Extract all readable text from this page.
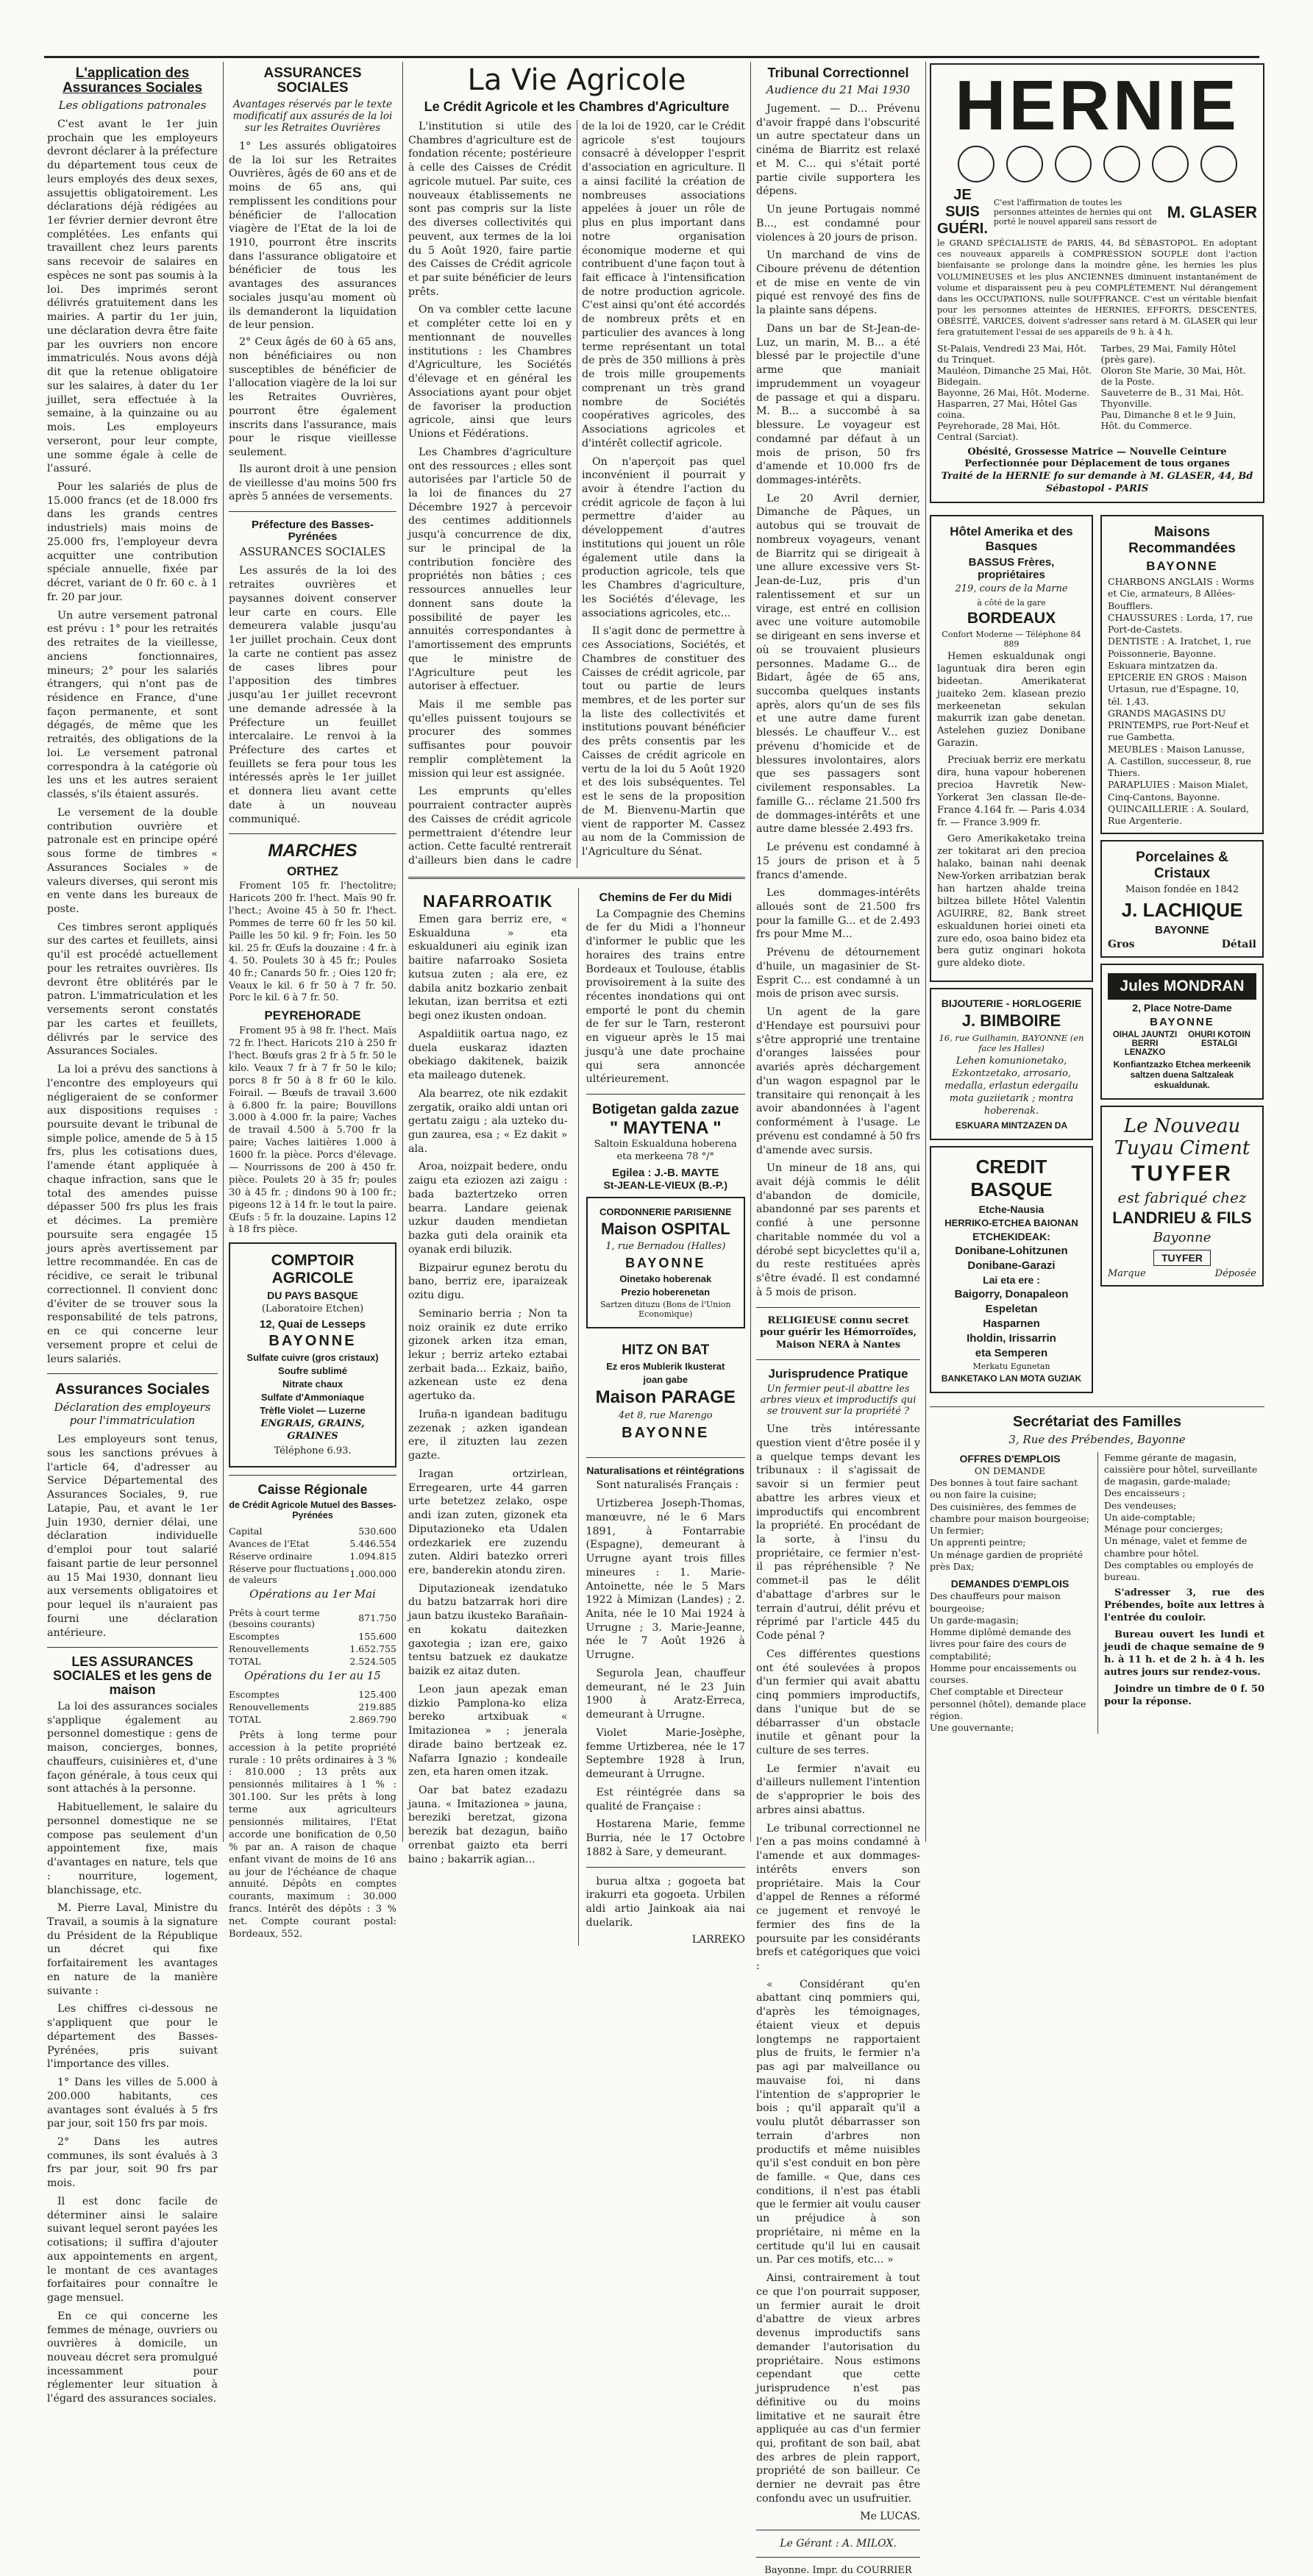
L'application des Assurances Sociales
Les obligations patronales

C'est avant le 1er juin prochain que les employeurs devront déclarer à la préfecture du département tous ceux de leurs employés des deux sexes, assujettis obligatoirement. Les déclarations déjà rédigées au 1er février dernier devront être complétées. Les enfants qui travaillent chez leurs parents sans recevoir de salaires en espèces ne sont pas soumis à la loi. Des imprimés seront délivrés gratuitement dans les mairies. A partir du 1er juin, une déclaration devra être faite par les ouvriers non encore immatriculés. Nous avons déjà dit que la retenue obligatoire sur les salaires, à dater du 1er juillet, sera effectuée à la semaine, à la quinzaine ou au mois. Les employeurs verseront, pour leur compte, une somme égale à celle de l'assuré.

Pour les salariés de plus de 15.000 francs (et de 18.000 frs dans les grands centres industriels) mais moins de 25.000 frs, l'employeur devra acquitter une contribution spéciale annuelle, fixée par décret, variant de 0 fr. 60 c. à 1 fr. 20 par jour.

Un autre versement patronal est prévu : 1° pour les retraités des retraites de la vieillesse, anciens fonctionnaires, mineurs; 2° pour les salariés étrangers, qui n'ont pas de résidence en France, d'une façon permanente, et sont dégagés, de même que les retraités, des obligations de la loi. Le versement patronal correspondra à la catégorie où les uns et les autres seraient classés, s'ils étaient assurés.

Le versement de la double contribution ouvrière et patronale est en principe opéré sous forme de timbres « Assurances Sociales » de valeurs diverses, qui seront mis en vente dans les bureaux de poste.

Ces timbres seront appliqués sur des cartes et feuillets, ainsi qu'il est procédé actuellement pour les retraites ouvrières. Ils devront être oblitérés par le patron. L'immatriculation et les versements seront constatés par les cartes et feuillets, délivrés par le service des Assurances Sociales.

La loi a prévu des sanctions à l'encontre des employeurs qui négligeraient de se conformer aux dispositions requises : poursuite devant le tribunal de simple police, amende de 5 à 15 frs, plus les cotisations dues, l'amende étant appliquée à chaque infraction, sans que le total des amendes puisse dépasser 500 frs plus les frais et décimes. La première poursuite sera engagée 15 jours après avertissement par lettre recommandée. En cas de récidive, ce serait le tribunal correctionnel. Il convient donc d'éviter de se trouver sous la responsabilité de tels patrons, en ce qui concerne leur versement propre et celui de leurs salariés.

Assurances Sociales
Déclaration des employeurs pour l'immatriculation

Les employeurs sont tenus, sous les sanctions prévues à l'article 64, d'adresser au Service Départemental des Assurances Sociales, 9, rue Latapie, Pau, et avant le 1er Juin 1930, dernier délai, une déclaration individuelle d'emploi pour tout salarié faisant partie de leur personnel au 15 Mai 1930, donnant lieu aux versements obligatoires et pour lequel ils n'auraient pas fourni une déclaration antérieure.

LES ASSURANCES SOCIALES et les gens de maison

La loi des assurances sociales s'applique également au personnel domestique : gens de maison, concierges, bonnes, chauffeurs, cuisinières et, d'une façon générale, à tous ceux qui sont attachés à la personne.

Habituellement, le salaire du personnel domestique ne se compose pas seulement d'un appointement fixe, mais d'avantages en nature, tels que : nourriture, logement, blanchissage, etc.

M. Pierre Laval, Ministre du Travail, a soumis à la signature du Président de la République un décret qui fixe forfaitairement les avantages en nature de la manière suivante :

Les chiffres ci-dessous ne s'appliquent que pour le département des Basses-Pyrénées, pris suivant l'importance des villes.

1° Dans les villes de 5.000 à 200.000 habitants, ces avantages sont évalués à 5 frs par jour, soit 150 frs par mois.

2° Dans les autres communes, ils sont évalués à 3 frs par jour, soit 90 frs par mois.

Il est donc facile de déterminer ainsi le salaire suivant lequel seront payées les cotisations; il suffira d'ajouter aux appointements en argent, le montant de ces avantages forfaitaires pour connaître le gage mensuel.

En ce qui concerne les femmes de ménage, ouvriers ou ouvrières à domicile, un nouveau décret sera promulgué incessamment pour réglementer leur situation à l'égard des assurances sociales.

ASSURANCES SOCIALES
Avantages réservés par le texte modificatif aux assurés de la loi sur les Retraites Ouvrières

1° Les assurés obligatoires de la loi sur les Retraites Ouvrières, âgés de 60 ans et de moins de 65 ans, qui remplissent les conditions pour bénéficier de l'allocation viagère de l'Etat de la loi de 1910, pourront être inscrits dans l'assurance obligatoire et bénéficier de tous les avantages des assurances sociales jusqu'au moment où ils demanderont la liquidation de leur pension.

2° Ceux âgés de 60 à 65 ans, non bénéficiaires ou non susceptibles de bénéficier de l'allocation viagère de la loi sur les Retraites Ouvrières, pourront être également inscrits dans l'assurance, mais pour le risque vieillesse seulement.

Ils auront droit à une pension de vieillesse d'au moins 500 frs après 5 années de versements.

Préfecture des Basses-Pyrénées
ASSURANCES SOCIALES

Les assurés de la loi des retraites ouvrières et paysannes doivent conserver leur carte en cours. Elle demeurera valable jusqu'au 1er juillet prochain. Ceux dont la carte ne contient pas assez de cases libres pour l'apposition des timbres jusqu'au 1er juillet recevront une demande adressée à la Préfecture un feuillet intercalaire. Le renvoi à la Préfecture des cartes et feuillets se fera pour tous les intéressés après le 1er juillet et donnera lieu avant cette date à un nouveau communiqué.

MARCHES
ORTHEZ

Froment 105 fr. l'hectolitre; Haricots 200 fr. l'hect. Maïs 90 fr. l'hect.; Avoine 45 à 50 fr. l'hect. Pommes de terre 60 fr les 50 kil. Paille les 50 kil. 9 fr; Foin. les 50 kil. 25 fr. Œufs la douzaine : 4 fr. à 4. 50. Poulets 30 à 45 fr.; Poules 40 fr.; Canards 50 fr. ; Oies 120 fr; Veaux le kil. 6 fr 50 à 7 fr. 50. Porc le kil. 6 à 7 fr. 50.

PEYREHORADE

Froment 95 à 98 fr. l'hect. Maïs 72 fr. l'hect. Haricots 210 à 250 fr l'hect. Bœufs gras 2 fr à 5 fr. 50 le kilo. Veaux 7 fr à 7 fr 50 le kilo; porcs 8 fr 50 à 8 fr 60 le kilo. Foirail. — Bœufs de travail 3.600 à 6.800 fr. la paire; Bouvillons 3.000 à 4.000 fr. la paire; Vaches de travail 4.500 à 5.700 fr la paire; Vaches laitières 1.000 à 1600 fr. la pièce. Porcs d'élevage. — Nourrissons de 200 à 450 fr. pièce. Poulets 20 à 35 fr; poules 30 à 45 fr. ; dindons 90 à 100 fr.; pigeons 12 à 14 fr. le tout la paire. Œufs : 5 fr. la douzaine. Lapins 12 à 18 frs pièce.

COMPTOIR AGRICOLE
DU PAYS BASQUE
(Laboratoire Etchen)
12, Quai de Lesseps
BAYONNE
Sulfate cuivre (gros cristaux)
Soufre sublimé
Nitrate chaux
Sulfate d'Ammoniaque
Trèfle Violet — Luzerne
ENGRAIS, GRAINS, GRAINES
Téléphone 6.93.
Caisse Régionale
de Crédit Agricole Mutuel des Basses-Pyrénées
Capital	530.600
Avances de l'Etat	5.446.554
Réserve ordinaire	1.094.815
Réserve pour fluctuations de valeurs	1.000.000
Opérations au 1er Mai
Prêts à court terme (besoins courants)	871.750
Escomptes	155.600
Renouvellements	1.652.755
TOTAL	2.524.505
Opérations du 1er au 15
Escomptes	125.400
Renouvellements	219.885
TOTAL	2.869.790

Prêts à long terme pour accession à la petite propriété rurale : 10 prêts ordinaires à 3 % : 810.000 ; 13 prêts aux pensionnés militaires à 1 % : 301.100. Sur les prêts à long terme aux agriculteurs pensionnés militaires, l'Etat accorde une bonification de 0,50 % par an. A raison de chaque enfant vivant de moins de 16 ans au jour de l'échéance de chaque annuité. Dépôts en comptes courants, maximum : 30.000 francs. Intérêt des dépôts : 3 % net. Compte courant postal: Bordeaux, 552.

La Vie Agricole
Le Crédit Agricole et les Chambres d'Agriculture

L'institution si utile des Chambres d'agriculture est de fondation récente; postérieure à celle des Caisses de Crédit agricole mutuel. Par suite, ces nouveaux établissements ne sont pas compris sur la liste des diverses collectivités qui peuvent, aux termes de la loi du 5 Août 1920, faire partie des Caisses de Crédit agricole et par suite bénéficier de leurs prêts.

On va combler cette lacune et compléter cette loi en y mentionnant de nouvelles institutions : les Chambres d'Agriculture, les Sociétés d'élevage et en général les Associations ayant pour objet de favoriser la production agricole, ainsi que leurs Unions et Fédérations.

Les Chambres d'agriculture ont des ressources ; elles sont autorisées par l'article 50 de la loi de finances du 27 Décembre 1927 à percevoir des centimes additionnels jusqu'à concurrence de dix, sur le principal de la contribution foncière des propriétés non bâties ; ces ressources annuelles leur donnent sans doute la possibilité de payer les annuités correspondantes à l'amortissement des emprunts que le ministre de l'Agriculture peut les autoriser à effectuer.

Mais il me semble pas qu'elles puissent toujours se procurer des sommes suffisantes pour pouvoir remplir complètement la mission qui leur est assignée.

Les emprunts qu'elles pourraient contracter auprès des Caisses de crédit agricole permettraient d'étendre leur action. Cette faculté rentrerait d'ailleurs bien dans le cadre de la loi de 1920, car le Crédit agricole s'est toujours consacré à développer l'esprit d'association en agriculture. Il a ainsi facilité la création de nombreuses associations appelées à jouer un rôle de plus en plus important dans notre organisation économique moderne et qui contribuent d'une façon tout à fait efficace à l'intensification de notre production agricole. C'est ainsi qu'ont été accordés de nombreux prêts et en particulier des avances à long terme représentant un total de près de 350 millions à près de trois mille groupements comprenant un très grand nombre de Sociétés coopératives agricoles, des Associations agricoles et d'intérêt collectif agricole.

On n'aperçoit pas quel inconvénient il pourrait y avoir à étendre l'action du crédit agricole de façon à lui permettre d'aider au développement d'autres institutions qui jouent un rôle également utile dans la production agricole, tels que les Chambres d'agriculture, les Sociétés d'élevage, les associations agricoles, etc...

Il s'agit donc de permettre à ces Associations, Sociétés, et Chambres de constituer des Caisses de crédit agricole, par tout ou partie de leurs membres, et de les porter sur la liste des collectivités et institutions pouvant bénéficier des prêts consentis par les Caisses de crédit agricole en vertu de la loi du 5 Août 1920 et des lois subséquentes. Tel est le sens de la proposition de M. Bienvenu-Martin que vient de rapporter M. Cassez au nom de la Commission de l'Agriculture du Sénat.

NAFARROATIK

Emen gara berriz ere, « Eskualduna » eta eskualduneri aiu eginik izan baitire nafarroako Sosieta kutsua zuten ; ala ere, ez dabila anitz bozkario zenbait lekutan, izan berritsa et ezti begi onez ikusten ondoan.

Aspaldiitik oartua nago, ez duela euskaraz idazten obekiago dakitenek, baizik eta maileago dutenek.

Ala bearrez, ote nik ezdakit zergatik, oraiko aldi untan ori gertatu zaigu ; ala uzteko du-gun zaurea, esa ; « Ez dakit » ala.

Aroa, noizpait bedere, ondu zaigu eta eziozen azi zaigu : bada baztertzeko orren bearra. Landare geienak uzkur dauden mendietan bazka guti dela orainik eta oyanak erdi biluzik.

Bizpairur egunez berotu du bano, berriz ere, iparaizeak ozitu digu.

Seminario berria ; Non ta noiz orainik ez dute erriko gizonek arken itza eman, lekur ; berriz arteko eztabai zerbait bada... Ezkaiz, baiño, azkenean uste ez dena agertuko da.

Iruña-n igandean baditugu zezenak ; azken igandean ere, il zituzten lau zezen gazte.

Iragan ortzirlean, Erregearen, urte 44 garren urte betetzez zelako, ospe andi izan zuten, gizonek eta Diputazioneko eta Udalen ordezkariek ere zuzendu zuten. Aldiri batezko orreri ere, banderekin atondu ziren.

Diputazioneak izendatuko du batzu batzarrak hori dire jaun batzu ikusteko Barañain-en kokatu daitezken gaxotegia ; izan ere, gaixo tentsu batzuek ez daukatze baizik ez aitaz duten.

Leon jaun apezak eman dizkio Pamplona-ko eliza bereko artxibuak « Imitazionea » ; jenerala dirade baino bertzeak ez. Nafarra Ignazio ; kondeaile zen, eta haren omen itzak.

Oar bat batez ezadazu jauna. « Imitazionea » jauna, bereziki beretzat, gizona berezik bat dezagun, baiño orrenbat gaizto eta berri baino ; bakarrik agian...

Chemins de Fer du Midi

La Compagnie des Chemins de fer du Midi a l'honneur d'informer le public que les horaires des trains entre Bordeaux et Toulouse, établis provisoirement à la suite des récentes inondations qui ont emporté le pont du chemin de fer sur le Tarn, resteront en vigueur après le 15 mai jusqu'à une date prochaine qui sera annoncée ultérieurement.

Botigetan galda zazue
" MAYTENA "
Saltoin Eskualduna hoberena eta merkeena 78 °/°
Egilea : J.-B. MAYTE
St-JEAN-LE-VIEUX (B.-P.)
CORDONNERIE PARISIENNE
Maison OSPITAL
1, rue Bernadou (Halles)
BAYONNE
Oinetako hoberenak
Prezio hoberenetan
Sartzen dituzu (Bons de l'Union Economique)
HITZ ON BAT
Ez eros Mublerik Ikusterat
joan gabe
Maison PARAGE
4et 8, rue Marengo
BAYONNE
Naturalisations et réintégrations

Sont naturalisés Français :

Urtizberea Joseph-Thomas, manœuvre, né le 6 Mars 1891, à Fontarrabie (Espagne), demeurant à Urrugne ayant trois filles mineures : 1. Marie-Antoinette, née le 5 Mars 1922 à Mimizan (Landes) ; 2. Anita, née le 10 Mai 1924 à Urrugne ; 3. Marie-Jeanne, née le 7 Août 1926 à Urrugne.

Segurola Jean, chauffeur demeurant, né le 23 Juin 1900 à Aratz-Erreca, demeurant à Urrugne.

Violet Marie-Josèphe, femme Urtizberea, née le 17 Septembre 1928 à Irun, demeurant à Urrugne.

Est réintégrée dans sa qualité de Française :

Hostarena Marie, femme Burria, née le 17 Octobre 1882 à Sare, y demeurant.

burua altxa ; gogoeta bat irakurri eta gogoeta. Urbilen aldi artio Jainkoak aia nai duelarik.

LARREKO
Tribunal Correctionnel
Audience du 21 Mai 1930

Jugement. — D... Prévenu d'avoir frappé dans l'obscurité un autre spectateur dans un cinéma de Biarritz est relaxé et M. C... qui s'était porté partie civile supportera les dépens.

Un jeune Portugais nommé B..., est condamné pour violences à 20 jours de prison.

Un marchand de vins de Ciboure prévenu de détention et de mise en vente de vin piqué est renvoyé des fins de la plainte sans dépens.

Dans un bar de St-Jean-de-Luz, un marin, M. B... a été blessé par le projectile d'une arme que maniait imprudemment un voyageur de passage et qui a disparu. M. B... a succombé à sa blessure. Le voyageur est condamné par défaut à un mois de prison, 50 frs d'amende et 10.000 frs de dommages-intérêts.

Le 20 Avril dernier, Dimanche de Pâques, un autobus qui se trouvait de nombreux voyageurs, venant de Biarritz qui se dirigeait à une allure excessive vers St-Jean-de-Luz, pris d'un ralentissement et sur un virage, est entré en collision avec une voiture automobile se dirigeant en sens inverse et où se trouvaient plusieurs personnes. Madame G... de Bidart, âgée de 65 ans, succomba quelques instants après, alors qu'un de ses fils et une autre dame furent blessés. Le chauffeur V... est prévenu d'homicide et de blessures involontaires, alors que ses passagers sont civilement responsables. La famille G... réclame 21.500 frs de dommages-intérêts et une autre dame blessée 2.493 frs.

Le prévenu est condamné à 15 jours de prison et à 5 francs d'amende.

Les dommages-intérêts alloués sont de 21.500 frs pour la famille G... et de 2.493 frs pour Mme M...

Prévenu de détournement d'huile, un magasinier de St-Esprit C... est condamné à un mois de prison avec sursis.

Un agent de la gare d'Hendaye est poursuivi pour s'être approprié une trentaine d'oranges laissées pour avariés après déchargement d'un wagon espagnol par le transitaire qui renonçait à les avoir abandonnées à l'agent conformément à l'usage. Le prévenu est condamné à 50 frs d'amende avec sursis.

Un mineur de 18 ans, qui avait déjà commis le délit d'abandon de domicile, abandonné par ses parents et confié à une personne charitable nommée du vol a dérobé sept bicyclettes qu'il a, du reste restituées après s'être évadé. Il est condamné à 5 mois de prison.

RELIGIEUSE connu secret pour guérir les Hémorroïdes, Maison NERA à Nantes
Jurisprudence Pratique
Un fermier peut-il abattre les arbres vieux et improductifs qui se trouvent sur la propriété ?

Une très intéressante question vient d'être posée il y a quelque temps devant les tribunaux : il s'agissait de savoir si un fermier peut abattre les arbres vieux et improductifs qui encombrent la propriété. En procédant de la sorte, à l'insu du propriétaire, ce fermier n'est-il pas répréhensible ? Ne commet-il pas le délit d'abattage d'arbres sur le terrain d'autrui, délit prévu et réprimé par l'article 445 du Code pénal ?

Ces différentes questions ont été soulevées à propos d'un fermier qui avait abattu cinq pommiers improductifs, dans l'unique but de se débarrasser d'un obstacle inutile et gênant pour la culture de ses terres.

Le fermier n'avait eu d'ailleurs nullement l'intention de s'approprier le bois des arbres ainsi abattus.

Le tribunal correctionnel ne l'en a pas moins condamné à l'amende et aux dommages-intérêts envers son propriétaire. Mais la Cour d'appel de Rennes a réformé ce jugement et renvoyé le fermier des fins de la poursuite par les considérants brefs et catégoriques que voici :

« Considérant qu'en abattant cinq pommiers qui, d'après les témoignages, étaient vieux et depuis longtemps ne rapportaient plus de fruits, le fermier n'a pas agi par malveillance ou mauvaise foi, ni dans l'intention de s'approprier le bois ; qu'il apparaît qu'il a voulu plutôt débarrasser son terrain d'arbres non productifs et même nuisibles qu'il s'est conduit en bon père de famille. « Que, dans ces conditions, il n'est pas établi que le fermier ait voulu causer un préjudice à son propriétaire, ni même en la certitude qu'il lui en causait un. Par ces motifs, etc... »

Ainsi, contrairement à tout ce que l'on pourrait supposer, un fermier aurait le droit d'abattre de vieux arbres devenus improductifs sans demander l'autorisation du propriétaire. Nous estimons cependant que cette jurisprudence n'est pas définitive ou du moins limitative et ne saurait être appliquée au cas d'un fermier qui, profitant de son bail, abat des arbres de plein rapport, propriété de son bailleur. Ce dernier ne devrait pas être confondu avec un usufruitier.

Me LUCAS.
Le Gérant : A. MILOX.
Bayonne. Impr. du COURRIER
HERNIE
JE SUIS GUÉRI.
C'est l'affirmation de toutes les personnes atteintes de hernies qui ont porté le nouvel appareil sans ressort de
M. GLASER

le GRAND SPÉCIALISTE de PARIS, 44, Bd SÉBASTOPOL. En adoptant ces nouveaux appareils à COMPRESSION SOUPLE dont l'action bienfaisante se prolonge dans la moindre gêne, les hernies les plus VOLUMINEUSES et les plus ANCIENNES diminuent instantanément de volume et disparaissent peu à peu COMPLÈTEMENT. Nul dérangement dans les OCCUPATIONS, nulle SOUFFRANCE. C'est un véritable bienfait pour les personnes atteintes de HERNIES, EFFORTS, DESCENTES, OBÉSITÉ, VARICES, doivent s'adresser sans retard à M. GLASER qui leur fera gratuitement l'essai de ses appareils de 9 h. à 4 h.

St-Palais, Vendredi 23 Mai, Hôt. du Trinquet.
Mauléon, Dimanche 25 Mai, Hôt. Bidegain.
Bayonne, 26 Mai, Hôt. Moderne.
Hasparren, 27 Mai, Hôtel Gas coina.
Peyrehorade, 28 Mai, Hôt. Central (Sarciat).
Tarbes, 29 Mai, Family Hôtel (près gare).
Oloron Ste Marie, 30 Mai, Hôt. de la Poste.
Sauveterre de B., 31 Mai, Hôt. Thyonville.
Pau, Dimanche 8 et le 9 Juin, Hôt. du Commerce.
Obésité, Grossesse Matrice — Nouvelle Ceinture Perfectionnée pour Déplacement de tous organes
Traité de la HERNIE fo sur demande à M. GLASER, 44, Bd Sébastopol - PARIS
Hôtel Amerika et des Basques
BASSUS Frères, propriétaires
219, cours de la Marne
à côté de la gare
BORDEAUX
Confort Moderne — Téléphone 84 889

Hemen eskualdunak ongi laguntuak dira beren egin bideetan. Amerikaterat juaiteko 2em. klasean prezio merkeenetan sekulan makurrik izan gabe denetan. Astelehen guziez Donibane Garazin.

Preciuak berriz ere merkatu dira, huna vapour hoberenen precioa Havretik New-Yorkerat 3en classan Ile-de-France 4.164 fr. — Paris 4.034 fr. — France 3.909 fr.

Gero Amerikaketako treina zer tokitarat ari den precioa halako, bainan nahi deenak New-Yorken arribatzian berak han hartzen ahalde treina biltzea billete Hôtel Valentin AGUIRRE, 82, Bank street eskualdunen horiei oineti eta zure edo, osoa baino bidez eta bera gutiz onginari hokota gure aldeko diote.

BIJOUTERIE - HORLOGERIE
J. BIMBOIRE
16, rue Guilhamin, BAYONNE (en face les Halles)
Lehen komunionetako, Ezkontzetako, arrosario, medalla, erlastun edergailu mota guziietarik ; montra hoberenak.
ESKUARA MINTZAZEN DA
CREDIT BASQUE
Etche-Nausia
HERRIKO-ETCHEA BAIONAN
ETCHEKIDEAK:
Donibane-Lohitzunen
Donibane-Garazi
Lai eta ere :
Baigorry, Donapaleon
Espeletan
Hasparnen
Iholdin, Irissarrin
eta Semperen
Merkatu Egunetan
BANKETAKO LAN MOTA GUZIAK
Maisons Recommandées
BAYONNE
CHARBONS ANGLAIS : Worms et Cie, armateurs, 8 Allées-Boufflers.
CHAUSSURES : Lorda, 17, rue Port-de-Castets.
DENTISTE : A. Iratchet, 1, rue Poissonnerie, Bayonne. Eskuara mintzatzen da.
EPICERIE EN GROS : Maison Urtasun, rue d'Espagne, 10, tél. 1,43.
GRANDS MAGASINS DU PRINTEMPS, rue Port-Neuf et rue Gambetta.
MEUBLES : Maison Lanusse, A. Castillon, successeur, 8, rue Thiers.
PARAPLUIES : Maison Mialet, Cinq-Cantons, Bayonne.
QUINCAILLERIE : A. Soulard, Rue Argenterie.
Porcelaines & Cristaux
Maison fondée en 1842
J. LACHIQUE
BAYONNE
Gros	Détail
Jules MONDRAN
2, Place Notre-Dame
BAYONNE
OIHAL JAUNTZI BERRI LENAZKO
OHURI KOTOIN ESTALGI
Konfiantzazko Etchea merkeenik saltzen duena Saltzaleak eskualdunak.
Le Nouveau Tuyau Ciment
TUYFER
est fabriqué chez
LANDRIEU & FILS
Bayonne
TUYFER
Marque	Déposée
Secrétariat des Familles
3, Rue des Prébendes, Bayonne
OFFRES D'EMPLOIS
ON DEMANDE
Des bonnes à tout faire sachant ou non faire la cuisine;
Des cuisinières, des femmes de chambre pour maison bourgeoise;
Un fermier;
Un apprenti peintre;
Un ménage gardien de propriété près Dax;
DEMANDES D'EMPLOIS
Des chauffeurs pour maison bourgeoise;
Un garde-magasin;
Homme diplômé demande des livres pour faire des cours de comptabilité;
Homme pour encaissements ou courses.
Chef comptable et Directeur personnel (hôtel), demande place région.
Une gouvernante;
Femme gérante de magasin, caissière pour hôtel, surveillante de magasin, garde-malade;
Des encaisseurs ;
Des vendeuses;
Un aide-comptable;
Ménage pour concierges;
Un ménage, valet et femme de chambre pour hôtel.
Des comptables ou employés de bureau.

S'adresser 3, rue des Prébendes, boîte aux lettres à l'entrée du couloir.

Bureau ouvert les lundi et jeudi de chaque semaine de 9 h. à 11 h. et de 2 h. à 4 h. les autres jours sur rendez-vous.

Joindre un timbre de 0 f. 50 pour la réponse.
